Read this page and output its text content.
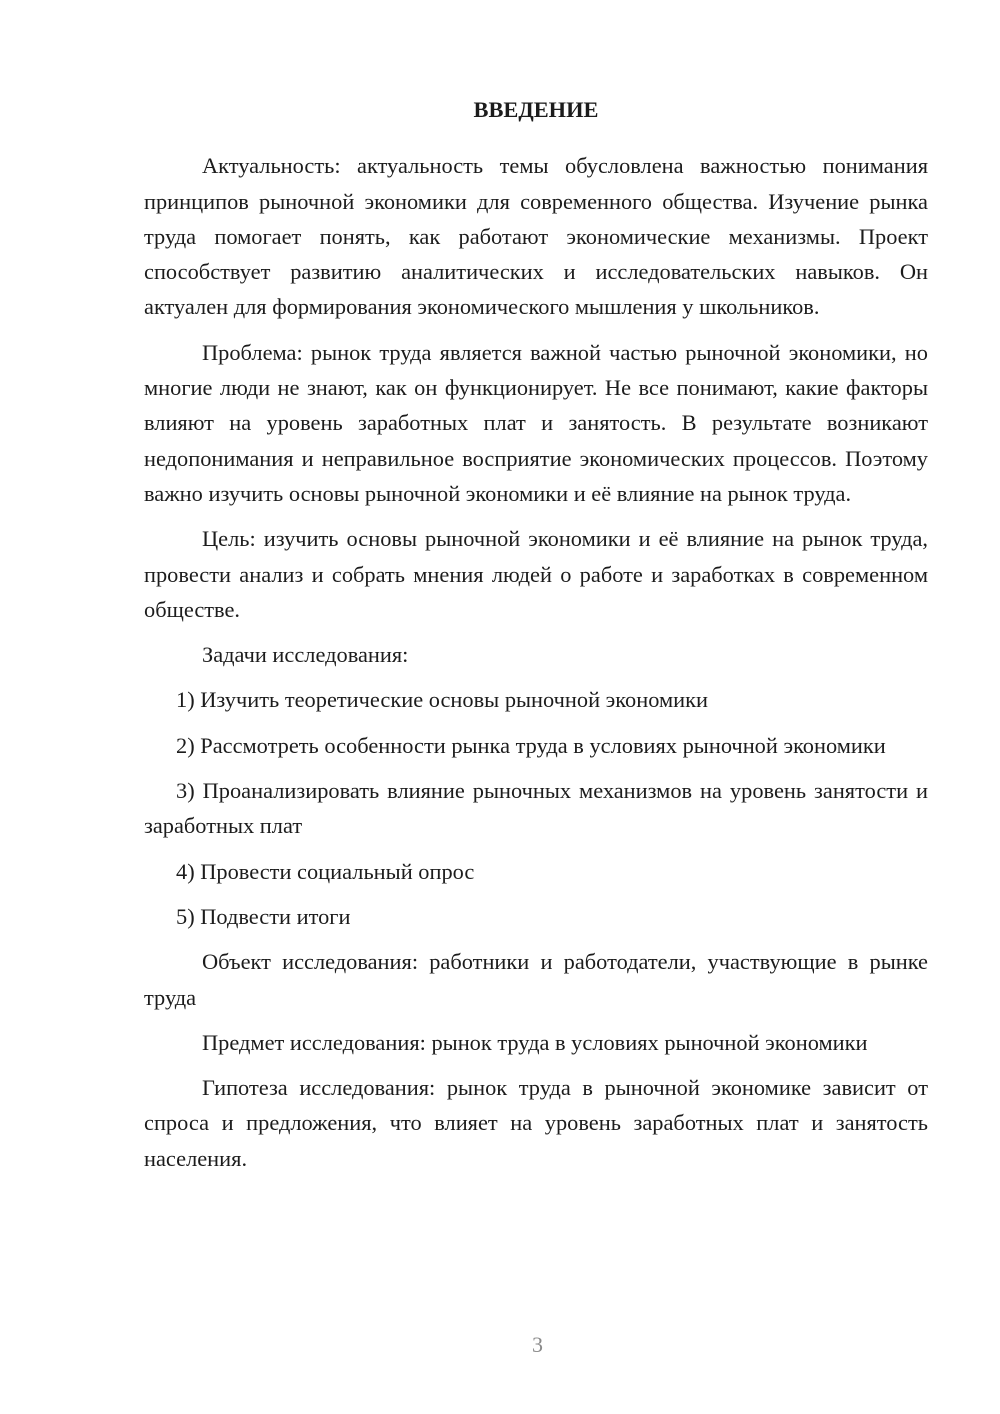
ВВЕДЕНИЕ

Актуальность: актуальность темы обусловлена важностью понимания принципов рыночной экономики для современного общества. Изучение рынка труда помогает понять, как работают экономические механизмы. Проект способствует развитию аналитических и исследовательских навыков. Он актуален для формирования экономического мышления у школьников.

Проблема: рынок труда является важной частью рыночной экономики, но многие люди не знают, как он функционирует. Не все понимают, какие факторы влияют на уровень заработных плат и занятость. В результате возникают недопонимания и неправильное восприятие экономических процессов. Поэтому важно изучить основы рыночной экономики и её влияние на рынок труда.

Цель: изучить основы рыночной экономики и её влияние на рынок труда, провести анализ и собрать мнения людей о работе и заработках в современном обществе.

Задачи исследования:

1) Изучить теоретические основы рыночной экономики

2) Рассмотреть особенности рынка труда в условиях рыночной экономики

3) Проанализировать влияние рыночных механизмов на уровень занятости и заработных плат

4) Провести социальный опрос

5) Подвести итоги

Объект исследования: работники и работодатели, участвующие в рынке труда

Предмет исследования: рынок труда в условиях рыночной экономики

Гипотеза исследования: рынок труда в рыночной экономике зависит от спроса и предложения, что влияет на уровень заработных плат и занятость населения.

3
